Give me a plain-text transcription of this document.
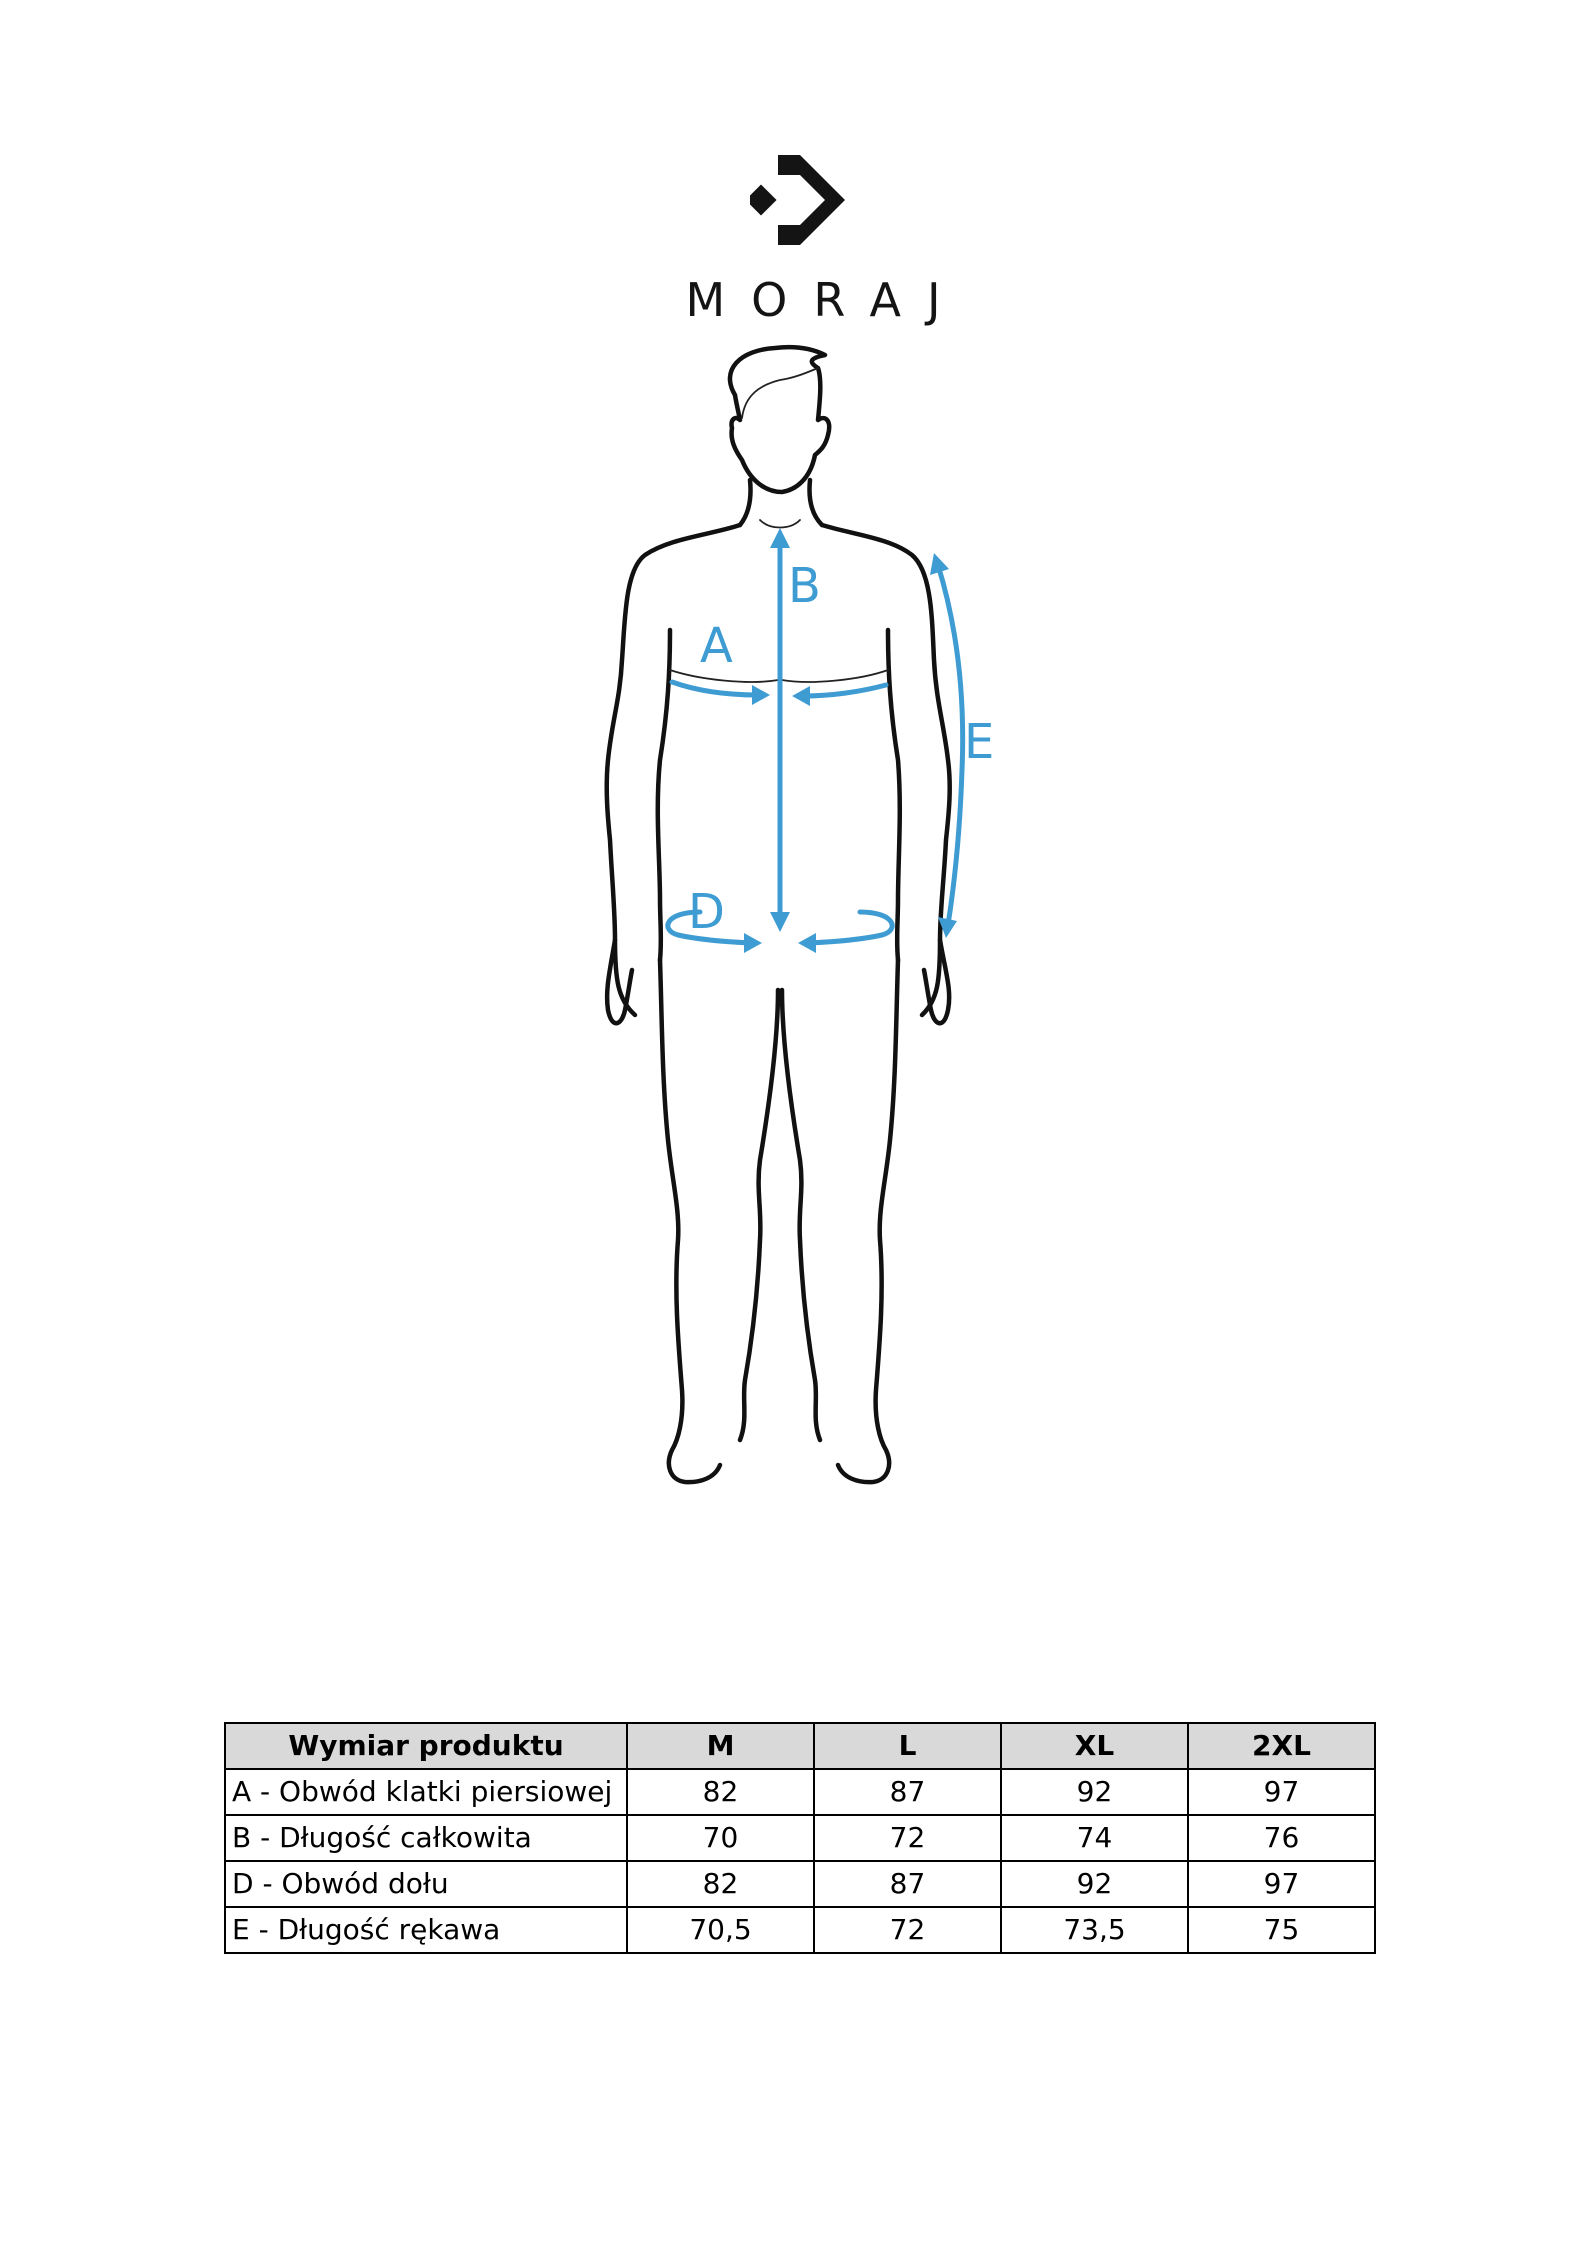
MORAJ
A
B
D
E
Wymiar produktu	M	L	XL	2XL
A - Obwód klatki piersiowej	82	87	92	97
B - Długość całkowita	70	72	74	76
D - Obwód dołu	82	87	92	97
E - Długość rękawa	70,5	72	73,5	75
